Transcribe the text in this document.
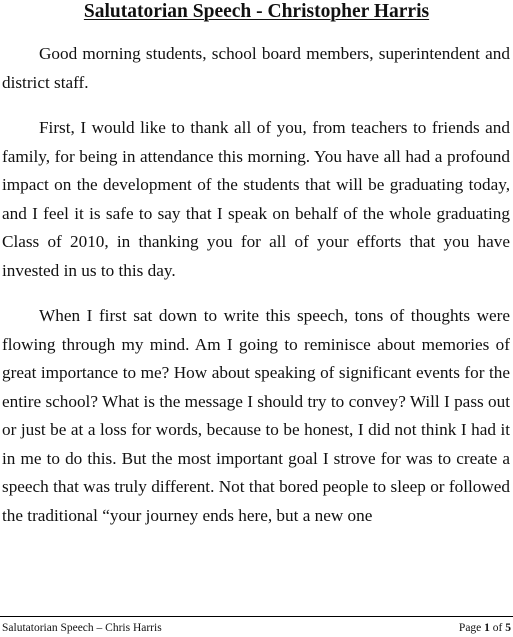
Salutatorian Speech - Christopher Harris

Good morning students, school board members, superintendent and district staff.

First, I would like to thank all of you, from teachers to friends and family, for being in attendance this morning. You have all had a profound impact on the development of the students that will be graduating today, and I feel it is safe to say that I speak on behalf of the whole graduating Class of 2010, in thanking you for all of your efforts that you have invested in us to this day.

When I first sat down to write this speech, tons of thoughts were flowing through my mind. Am I going to reminisce about memories of great importance to me? How about speaking of significant events for the entire school? What is the message I should try to convey? Will I pass out or just be at a loss for words, because to be honest, I did not think I had it in me to do this. But the most important goal I strove for was to create a speech that was truly different. Not that bored people to sleep or followed the traditional “your journey ends here, but a new one

Salutatorian Speech – Chris Harris	Page 1 of 5
